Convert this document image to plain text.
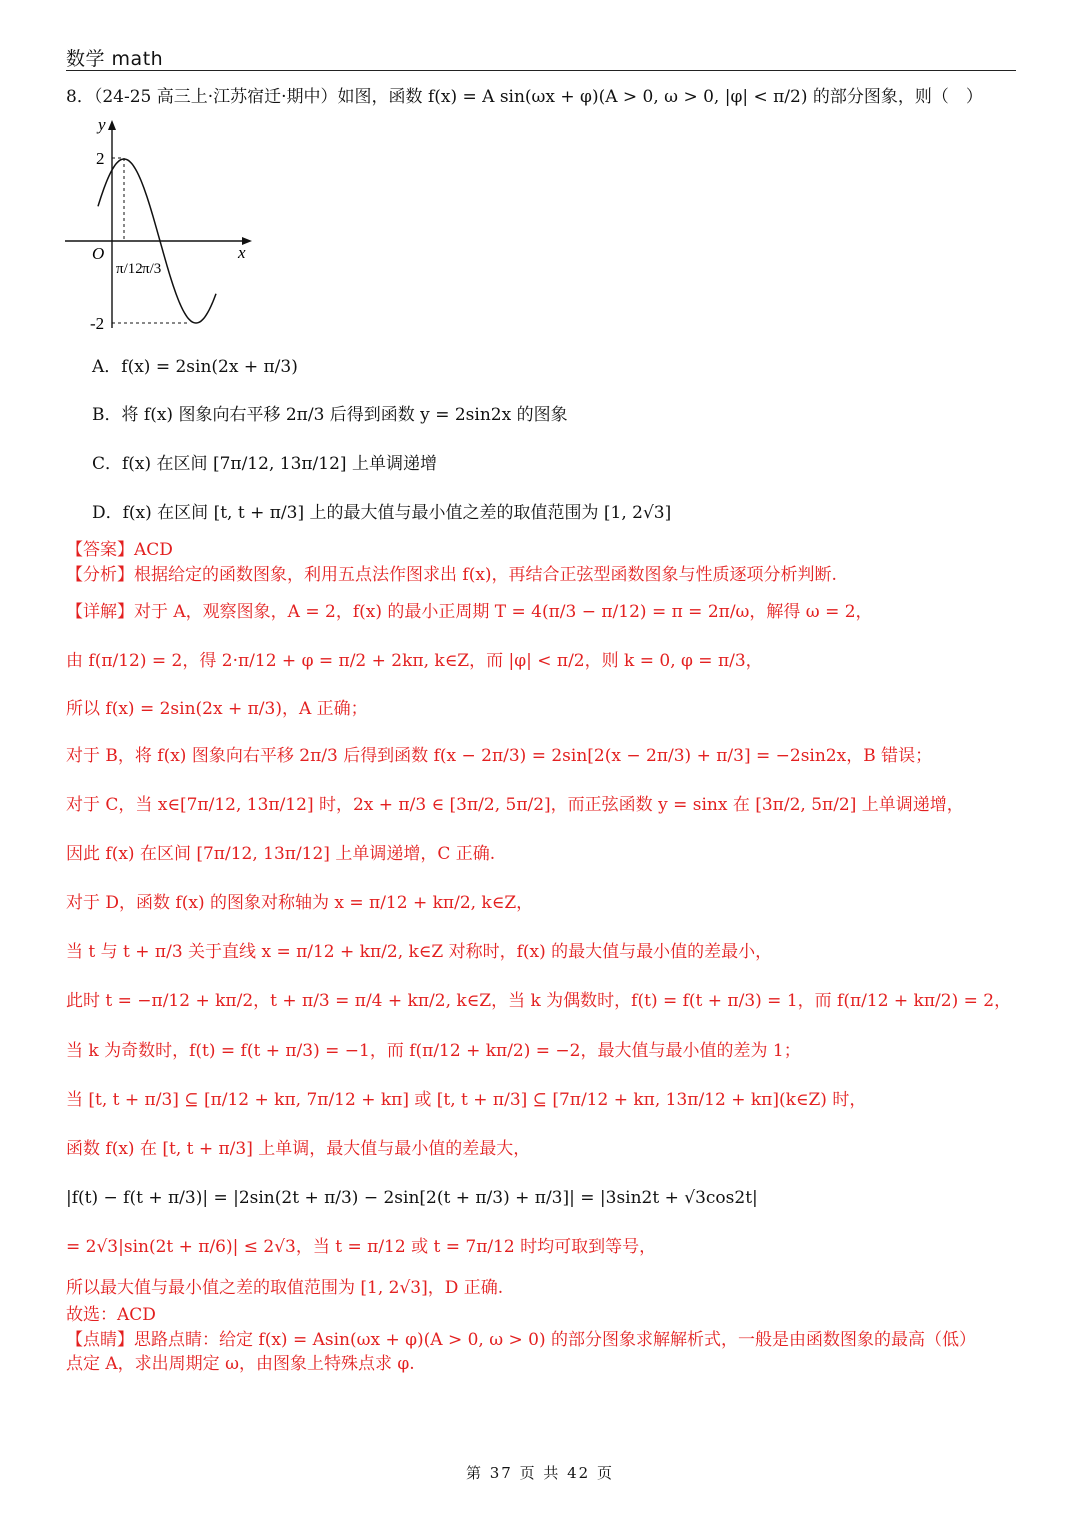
数学 math
8．（24-25 高三上·江苏宿迁·期中）如图，函数 f(x) = A sin(ωx + φ)(A > 0, ω > 0, |φ| < π/2) 的部分图象，则（　）
y
x
O
2
-2
π/12 π/3
A．f(x) = 2sin(2x + π/3)
B．将 f(x) 图象向右平移 2π/3 后得到函数 y = 2sin2x 的图象
C．f(x) 在区间 [7π/12, 13π/12] 上单调递增
D．f(x) 在区间 [t, t + π/3] 上的最大值与最小值之差的取值范围为 [1, 2√3]
【答案】ACD
【分析】根据给定的函数图象，利用五点法作图求出 f(x)，再结合正弦型函数图象与性质逐项分析判断.
【详解】对于 A，观察图象，A = 2，f(x) 的最小正周期 T = 4(π/3 − π/12) = π = 2π/ω，解得 ω = 2，
由 f(π/12) = 2，得 2·π/12 + φ = π/2 + 2kπ, k∈Z，而 |φ| < π/2，则 k = 0, φ = π/3，
所以 f(x) = 2sin(2x + π/3)，A 正确；
对于 B，将 f(x) 图象向右平移 2π/3 后得到函数 f(x − 2π/3) = 2sin[2(x − 2π/3) + π/3] = −2sin2x，B 错误；
对于 C，当 x∈[7π/12, 13π/12] 时，2x + π/3 ∈ [3π/2, 5π/2]，而正弦函数 y = sinx 在 [3π/2, 5π/2] 上单调递增，
因此 f(x) 在区间 [7π/12, 13π/12] 上单调递增，C 正确.
对于 D，函数 f(x) 的图象对称轴为 x = π/12 + kπ/2, k∈Z，
当 t 与 t + π/3 关于直线 x = π/12 + kπ/2, k∈Z 对称时，f(x) 的最大值与最小值的差最小，
此时 t = −π/12 + kπ/2，t + π/3 = π/4 + kπ/2, k∈Z，当 k 为偶数时，f(t) = f(t + π/3) = 1，而 f(π/12 + kπ/2) = 2，
当 k 为奇数时，f(t) = f(t + π/3) = −1，而 f(π/12 + kπ/2) = −2，最大值与最小值的差为 1；
当 [t, t + π/3] ⊆ [π/12 + kπ, 7π/12 + kπ] 或 [t, t + π/3] ⊆ [7π/12 + kπ, 13π/12 + kπ](k∈Z) 时，
函数 f(x) 在 [t, t + π/3] 上单调，最大值与最小值的差最大，
|f(t) − f(t + π/3)| = |2sin(2t + π/3) − 2sin[2(t + π/3) + π/3]| = |3sin2t + √3cos2t|
= 2√3|sin(2t + π/6)| ≤ 2√3，当 t = π/12 或 t = 7π/12 时均可取到等号，
所以最大值与最小值之差的取值范围为 [1, 2√3]，D 正确.
故选：ACD
【点睛】思路点睛：给定 f(x) = Asin(ωx + φ)(A > 0, ω > 0) 的部分图象求解解析式，一般是由函数图象的最高（低）
点定 A，求出周期定 ω，由图象上特殊点求 φ.
第 37 页 共 42 页
